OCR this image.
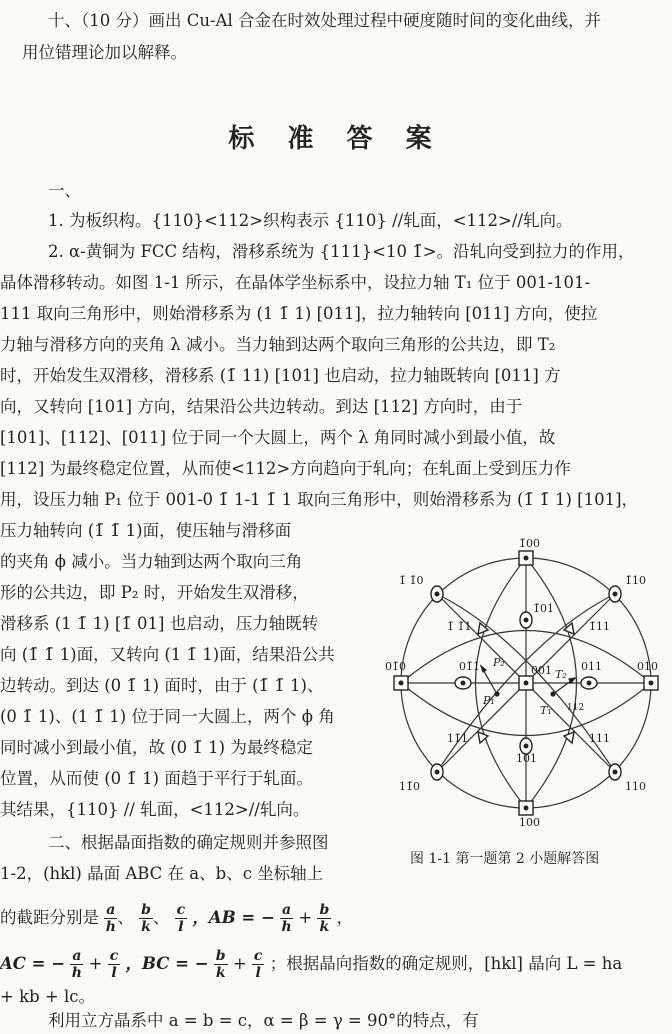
十、（10 分）画出 Cu-Al 合金在时效处理过程中硬度随时间的变化曲线，并
用位错理论加以解释。
标 准 答 案
一、
1. 为板织构。{110}<112>织构表示 {110} //轧面，<112>//轧向。
2. α-黄铜为 FCC 结构，滑移系统为 {111}<10 1̄>。沿轧向受到拉力的作用，
晶体滑移转动。如图 1-1 所示，在晶体学坐标系中，设拉力轴 T₁ 位于 001-101-
111 取向三角形中，则始滑移系为 (1 1̄ 1) [011]，拉力轴转向 [011] 方向，使拉
力轴与滑移方向的夹角 λ 减小。当力轴到达两个取向三角形的公共边，即 T₂
时，开始发生双滑移，滑移系 (1̄ 11) [101] 也启动，拉力轴既转向 [011] 方
向，又转向 [101] 方向，结果沿公共边转动。到达 [112] 方向时，由于
[101]、[112]、[011] 位于同一个大圆上，两个 λ 角同时减小到最小值，故
[112] 为最终稳定位置，从而使<112>方向趋向于轧向；在轧面上受到压力作
用，设压力轴 P₁ 位于 001-0 1̄ 1-1 1̄ 1 取向三角形中，则始滑移系为 (1̄ 1̄ 1) [101]，
压力轴转向 (1̄ 1̄ 1)面，使压轴与滑移面
的夹角 ϕ 减小。当力轴到达两个取向三角
形的公共边，即 P₂ 时，开始发生双滑移，
滑移系 (1 1̄ 1) [1̄ 01] 也启动，压力轴既转
向 (1̄ 1̄ 1)面，又转向 (1 1̄ 1)面，结果沿公共
边转动。到达 (0 1̄ 1) 面时，由于 (1̄ 1̄ 1)、
(0 1̄ 1)、(1 1̄ 1) 位于同一大圆上，两个 ϕ 角
同时减小到最小值，故 (0 1̄ 1) 为最终稳定
位置，从而使 (0 1̄ 1) 面趋于平行于轧面。
其结果，{110} // 轧面，<112>//轧向。
二、根据晶面指数的确定规则并参照图
1-2，(hkl) 晶面 ABC 在 a、b、c 坐标轴上
的截距分别是 $\frac{a}{h}$ 、 $\frac{b}{k}$ 、 $\frac{c}{l}$ ，AB = − $\frac{a}{h} + \frac{b}{k}$ ，
AC = − $\frac{a}{h} + \frac{c}{l}$ ，BC = − $\frac{b}{k} + \frac{c}{l}$ ；根据晶向指数的确定规则，[hkl] 晶向 L = ha
+ kb + lc。
利用立方晶系中 a = b = c，α = β = γ = 90°的特点，有
1̄00
100
01̄0	010
1̄ 1̄0	1̄10
11̄0	110
1̄ 1̄1	1̄11
11̄1	111
1̄01
101
01̄1	011
001
P₁
P₂
T₁
T₂
112
图 1-1 第一题第 2 小题解答图
